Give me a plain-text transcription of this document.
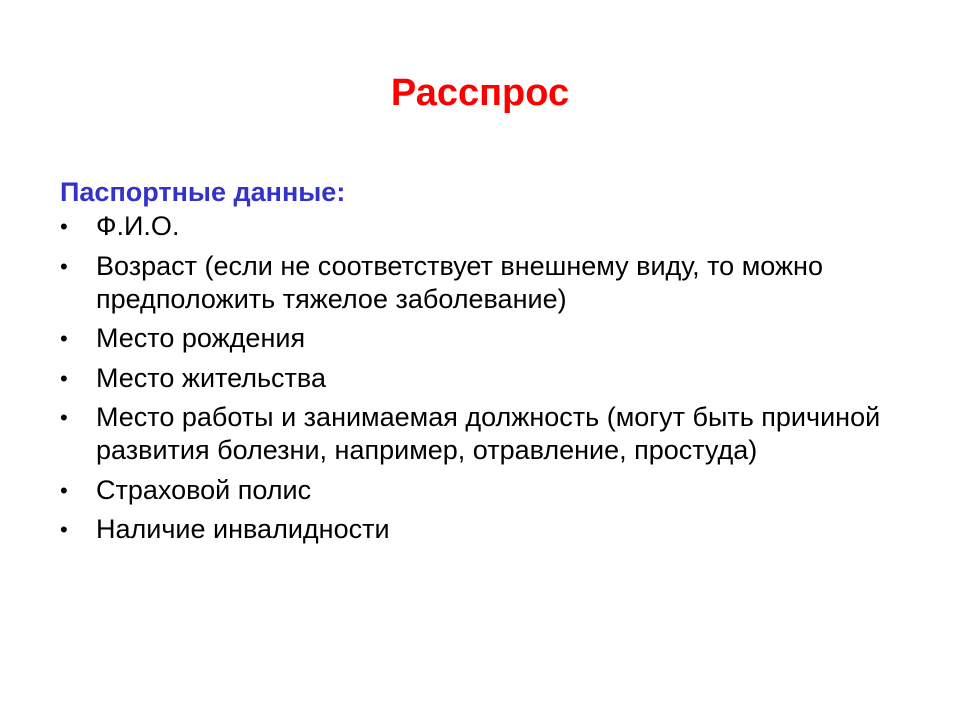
Расспрос
Паспортные данные:
•	Ф.И.О.
•	Возраст (если не соответствует внешнему виду, то можно предположить тяжелое заболевание)
•	Место рождения
•	Место жительства
•	Место работы и занимаемая должность (могут быть причиной развития болезни, например, отравление, простуда)
•	Страховой полис
•	Наличие инвалидности
